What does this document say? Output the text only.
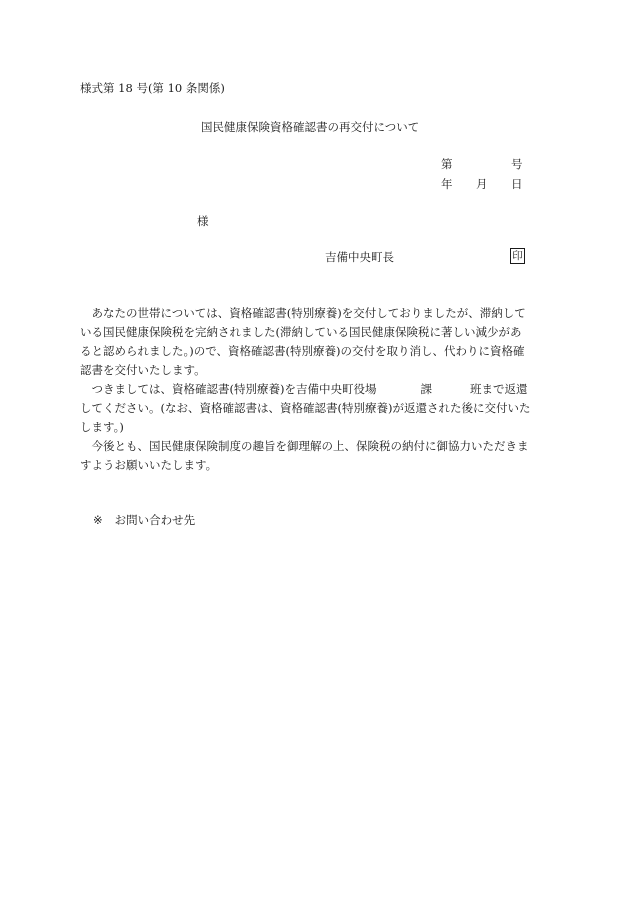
様式第 18 号(第 10 条関係)
国民健康保険資格確認書の再交付について
第	号
年 月 日
様
吉備中央町長	印
あなたの世帯については、資格確認書(特別療養)を交付しておりましたが、滞納して
いる国民健康保険税を完納されました(滞納している国民健康保険税に著しい減少があ
ると認められました。)ので、資格確認書(特別療養)の交付を取り消し、代わりに資格確
認書を交付いたします。
つきましては、資格確認書(特別療養)を吉備中央町役場	課	班まで返還
してください。(なお、資格確認書は、資格確認書(特別療養)が返還された後に交付いた
します。)
今後とも、国民健康保険制度の趣旨を御理解の上、保険税の納付に御協力いただきま
すようお願いいたします。
※ お問い合わせ先
